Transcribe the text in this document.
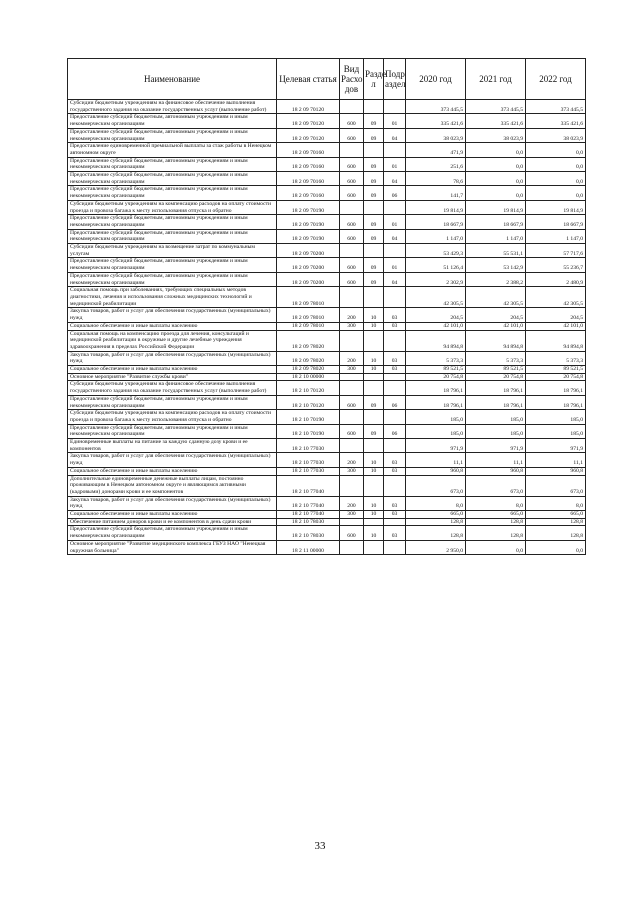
Наименование	Целевая статья	Вид Расхо дов	Разде л	Подр аздел	2020 год	2021 год	2022 год
Субсидии бюджетным учреждениям на финансовое обеспечение выполнения государственного задания на оказание государственных услуг (выполнение работ)	18 2 09 70120				373 445,5	373 445,5	373 445,5
Предоставление субсидий бюджетным, автономным учреждениям и иным некоммерческим организациям	18 2 09 70120	600	09	01	335 421,6	335 421,6	335 421,6
Предоставление субсидий бюджетным, автономным учреждениям и иным некоммерческим организациям	18 2 09 70120	600	09	04	38 023,9	38 023,9	38 023,9
Предоставление единовременной премиальной выплаты за стаж работы в Ненецком автономном округе	18 2 09 70160				471,9	0,0	0,0
Предоставление субсидий бюджетным, автономным учреждениям и иным некоммерческим организациям	18 2 09 70160	600	09	01	251,6	0,0	0,0
Предоставление субсидий бюджетным, автономным учреждениям и иным некоммерческим организациям	18 2 09 70160	600	09	04	78,6	0,0	0,0
Предоставление субсидий бюджетным, автономным учреждениям и иным некоммерческим организациям	18 2 09 70160	600	09	06	141,7	0,0	0,0
Субсидии бюджетным учреждениям на компенсацию расходов на оплату стоимости проезда и провоза багажа к месту использования отпуска и обратно	18 2 09 70190				19 814,9	19 814,9	19 814,9
Предоставление субсидий бюджетным, автономным учреждениям и иным некоммерческим организациям	18 2 09 70190	600	09	01	18 667,9	18 667,9	18 667,9
Предоставление субсидий бюджетным, автономным учреждениям и иным некоммерческим организациям	18 2 09 70190	600	09	04	1 147,0	1 147,0	1 147,0
Субсидии бюджетным учреждениям на возмещение затрат по коммунальным услугам	18 2 09 70200				53 429,3	55 531,1	57 717,6
Предоставление субсидий бюджетным, автономным учреждениям и иным некоммерческим организациям	18 2 09 70200	600	09	01	51 126,4	53 142,9	55 236,7
Предоставление субсидий бюджетным, автономным учреждениям и иным некоммерческим организациям	18 2 09 70200	600	09	04	2 302,9	2 388,2	2 480,9
Социальная помощь при заболеваниях, требующих специальных методов диагностики, лечения и использования сложных медицинских технологий и медицинской реабилитации	18 2 09 78010				42 305,5	42 305,5	42 305,5
Закупка товаров, работ и услуг для обеспечения государственных (муниципальных) нужд	18 2 09 78010	200	10	03	204,5	204,5	204,5
Социальное обеспечение и иные выплаты населению	18 2 09 78010	300	10	03	42 101,0	42 101,0	42 101,0
Социальная помощь на компенсацию проезда для лечения, консультаций и медицинской реабилитации в окружные и другие лечебные учреждения здравоохранения в пределах Российской Федерации	18 2 09 78020				94 894,8	94 894,8	94 894,8
Закупка товаров, работ и услуг для обеспечения государственных (муниципальных) нужд	18 2 09 78020	200	10	03	5 373,3	5 373,3	5 373,3
Социальное обеспечение и иные выплаты населению	18 2 09 78020	300	10	03	89 521,5	89 521,5	89 521,5
Основное мероприятие "Развитие службы крови"	18 2 10 00000				20 754,8	20 754,8	20 754,8
Субсидии бюджетным учреждениям на финансовое обеспечение выполнения государственного задания на оказание государственных услуг (выполнение работ)	18 2 10 70120				18 796,1	18 796,1	18 796,1
Предоставление субсидий бюджетным, автономным учреждениям и иным некоммерческим организациям	18 2 10 70120	600	09	06	18 796,1	18 796,1	18 796,1
Субсидии бюджетным учреждениям на компенсацию расходов на оплату стоимости проезда и провоза багажа к месту использования отпуска и обратно	18 2 10 70190				185,0	185,0	185,0
Предоставление субсидий бюджетным, автономным учреждениям и иным некоммерческим организациям	18 2 10 70190	600	09	06	185,0	185,0	185,0
Единовременные выплаты на питание за каждую сданную дозу крови и ее компонентов	18 2 10 77030				971,9	971,9	971,9
Закупка товаров, работ и услуг для обеспечения государственных (муниципальных) нужд	18 2 10 77030	200	10	03	11,1	11,1	11,1
Социальное обеспечение и иные выплаты населению	18 2 10 77030	300	10	03	960,8	960,8	960,8
Дополнительные единовременные денежные выплаты лицам, постоянно проживающим в Ненецком автономном округе и являющимся активными (кадровыми) донорами крови и ее компонентов	18 2 10 77040				673,0	673,0	673,0
Закупка товаров, работ и услуг для обеспечения государственных (муниципальных) нужд	18 2 10 77040	200	10	03	8,0	8,0	8,0
Социальное обеспечение и иные выплаты населению	18 2 10 77040	300	10	03	665,0	665,0	665,0
Обеспечение питанием доноров крови и ее компонентов в день сдачи крови	18 2 10 78030				128,8	128,8	128,8
Предоставление субсидий бюджетным, автономным учреждениям и иным некоммерческим организациям	18 2 10 78030	600	10	03	128,8	128,8	128,8
Основное мероприятие "Развитие медицинского комплекса ГБУЗ НАО "Ненецкая окружная больница"	18 2 11 00000				2 950,0	0,0	0,0
33
